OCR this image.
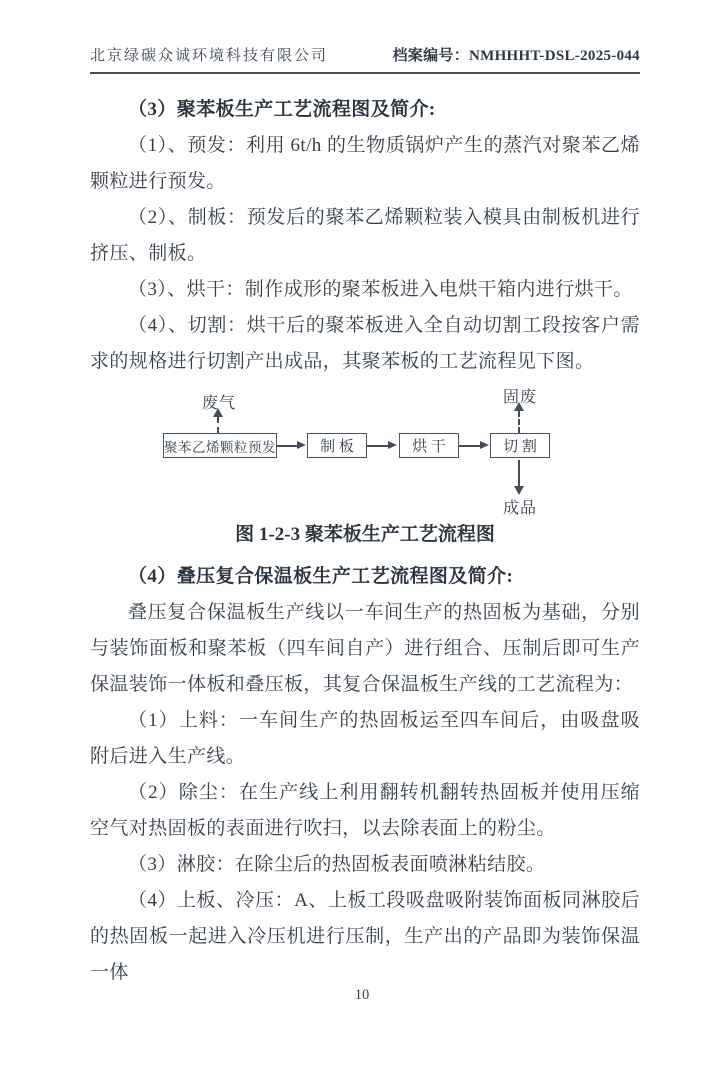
北京绿碳众诚环境科技有限公司	档案编号：NMHHHT-DSL-2025-044

（3）聚苯板生产工艺流程图及简介:

（1）、预发：利用 6t/h 的生物质锅炉产生的蒸汽对聚苯乙烯颗粒进行预发。

（2）、制板：预发后的聚苯乙烯颗粒装入模具由制板机进行挤压、制板。

（3）、烘干：制作成形的聚苯板进入电烘干箱内进行烘干。

（4）、切割：烘干后的聚苯板进入全自动切割工段按客户需求的规格进行切割产出成品，其聚苯板的工艺流程见下图。

废气
聚苯乙烯颗粒预发	制 板	烘 干	切 割
固废
成品

图 1-2-3 聚苯板生产工艺流程图

（4）叠压复合保温板生产工艺流程图及简介:

叠压复合保温板生产线以一车间生产的热固板为基础，分别与装饰面板和聚苯板（四车间自产）进行组合、压制后即可生产保温装饰一体板和叠压板，其复合保温板生产线的工艺流程为：

（1）上料：一车间生产的热固板运至四车间后，由吸盘吸附后进入生产线。

（2）除尘：在生产线上利用翻转机翻转热固板并使用压缩空气对热固板的表面进行吹扫，以去除表面上的粉尘。

（3）淋胶：在除尘后的热固板表面喷淋粘结胶。

（4）上板、冷压：A、上板工段吸盘吸附装饰面板同淋胶后的热固板一起进入冷压机进行压制，生产出的产品即为装饰保温一体

10
